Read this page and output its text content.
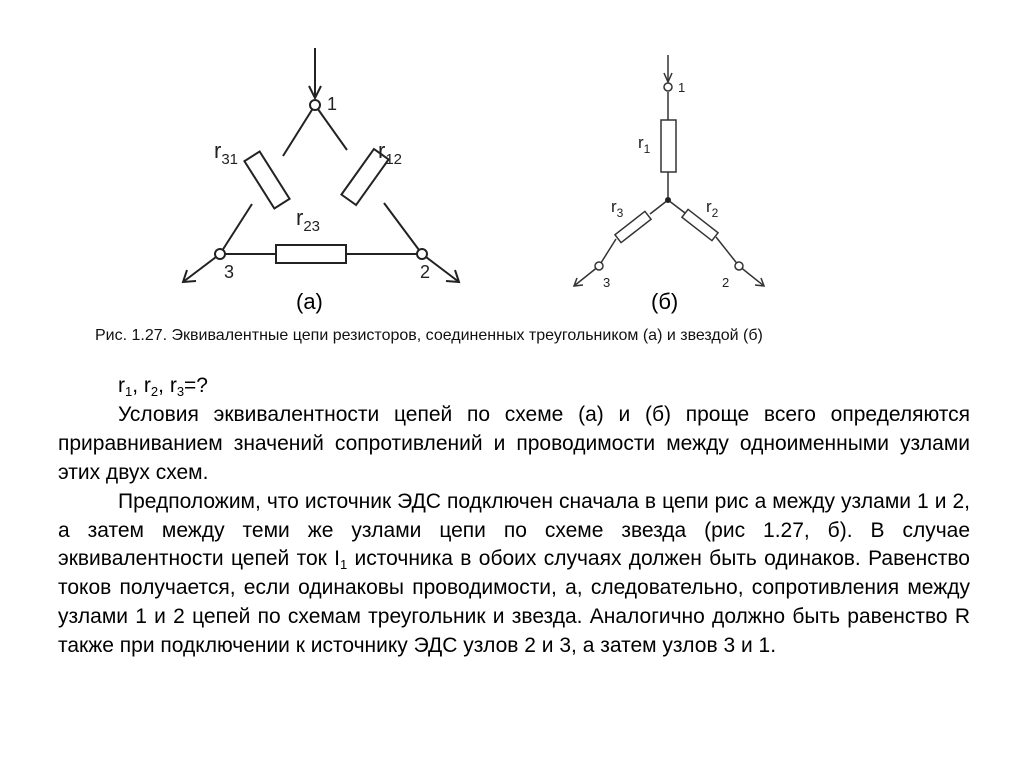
1
3	2
$r_{31}$	$r_{12}$
$r_{23}$
1
3	2
$r_1$
$r_3$	$r_2$
(а)	(б)
Рис. 1.27. Эквивалентные цепи резисторов, соединенных треугольником (а) и звездой (б)

$r_1$, $r_2$, $r_3=$?

Условия эквивалентности цепей по схеме (а) и (б) проще всего определяются приравниванием значений сопротивлений и проводимости между одноименными узлами этих двух схем.

Предположим, что источник ЭДС подключен сначала в цепи рис а между узлами 1 и 2, а затем между теми же узлами цепи по схеме звезда (рис 1.27, б). В случае эквивалентности цепей ток $I_1$ источника в обоих случаях должен быть одинаков. Равенство токов получается, если одинаковы проводимости, а, следовательно, сопротивления между узлами 1 и 2 цепей по схемам треугольник и звезда. Аналогично должно быть равенство R также при подключении к источнику ЭДС узлов 2 и 3, а затем узлов 3 и 1.
